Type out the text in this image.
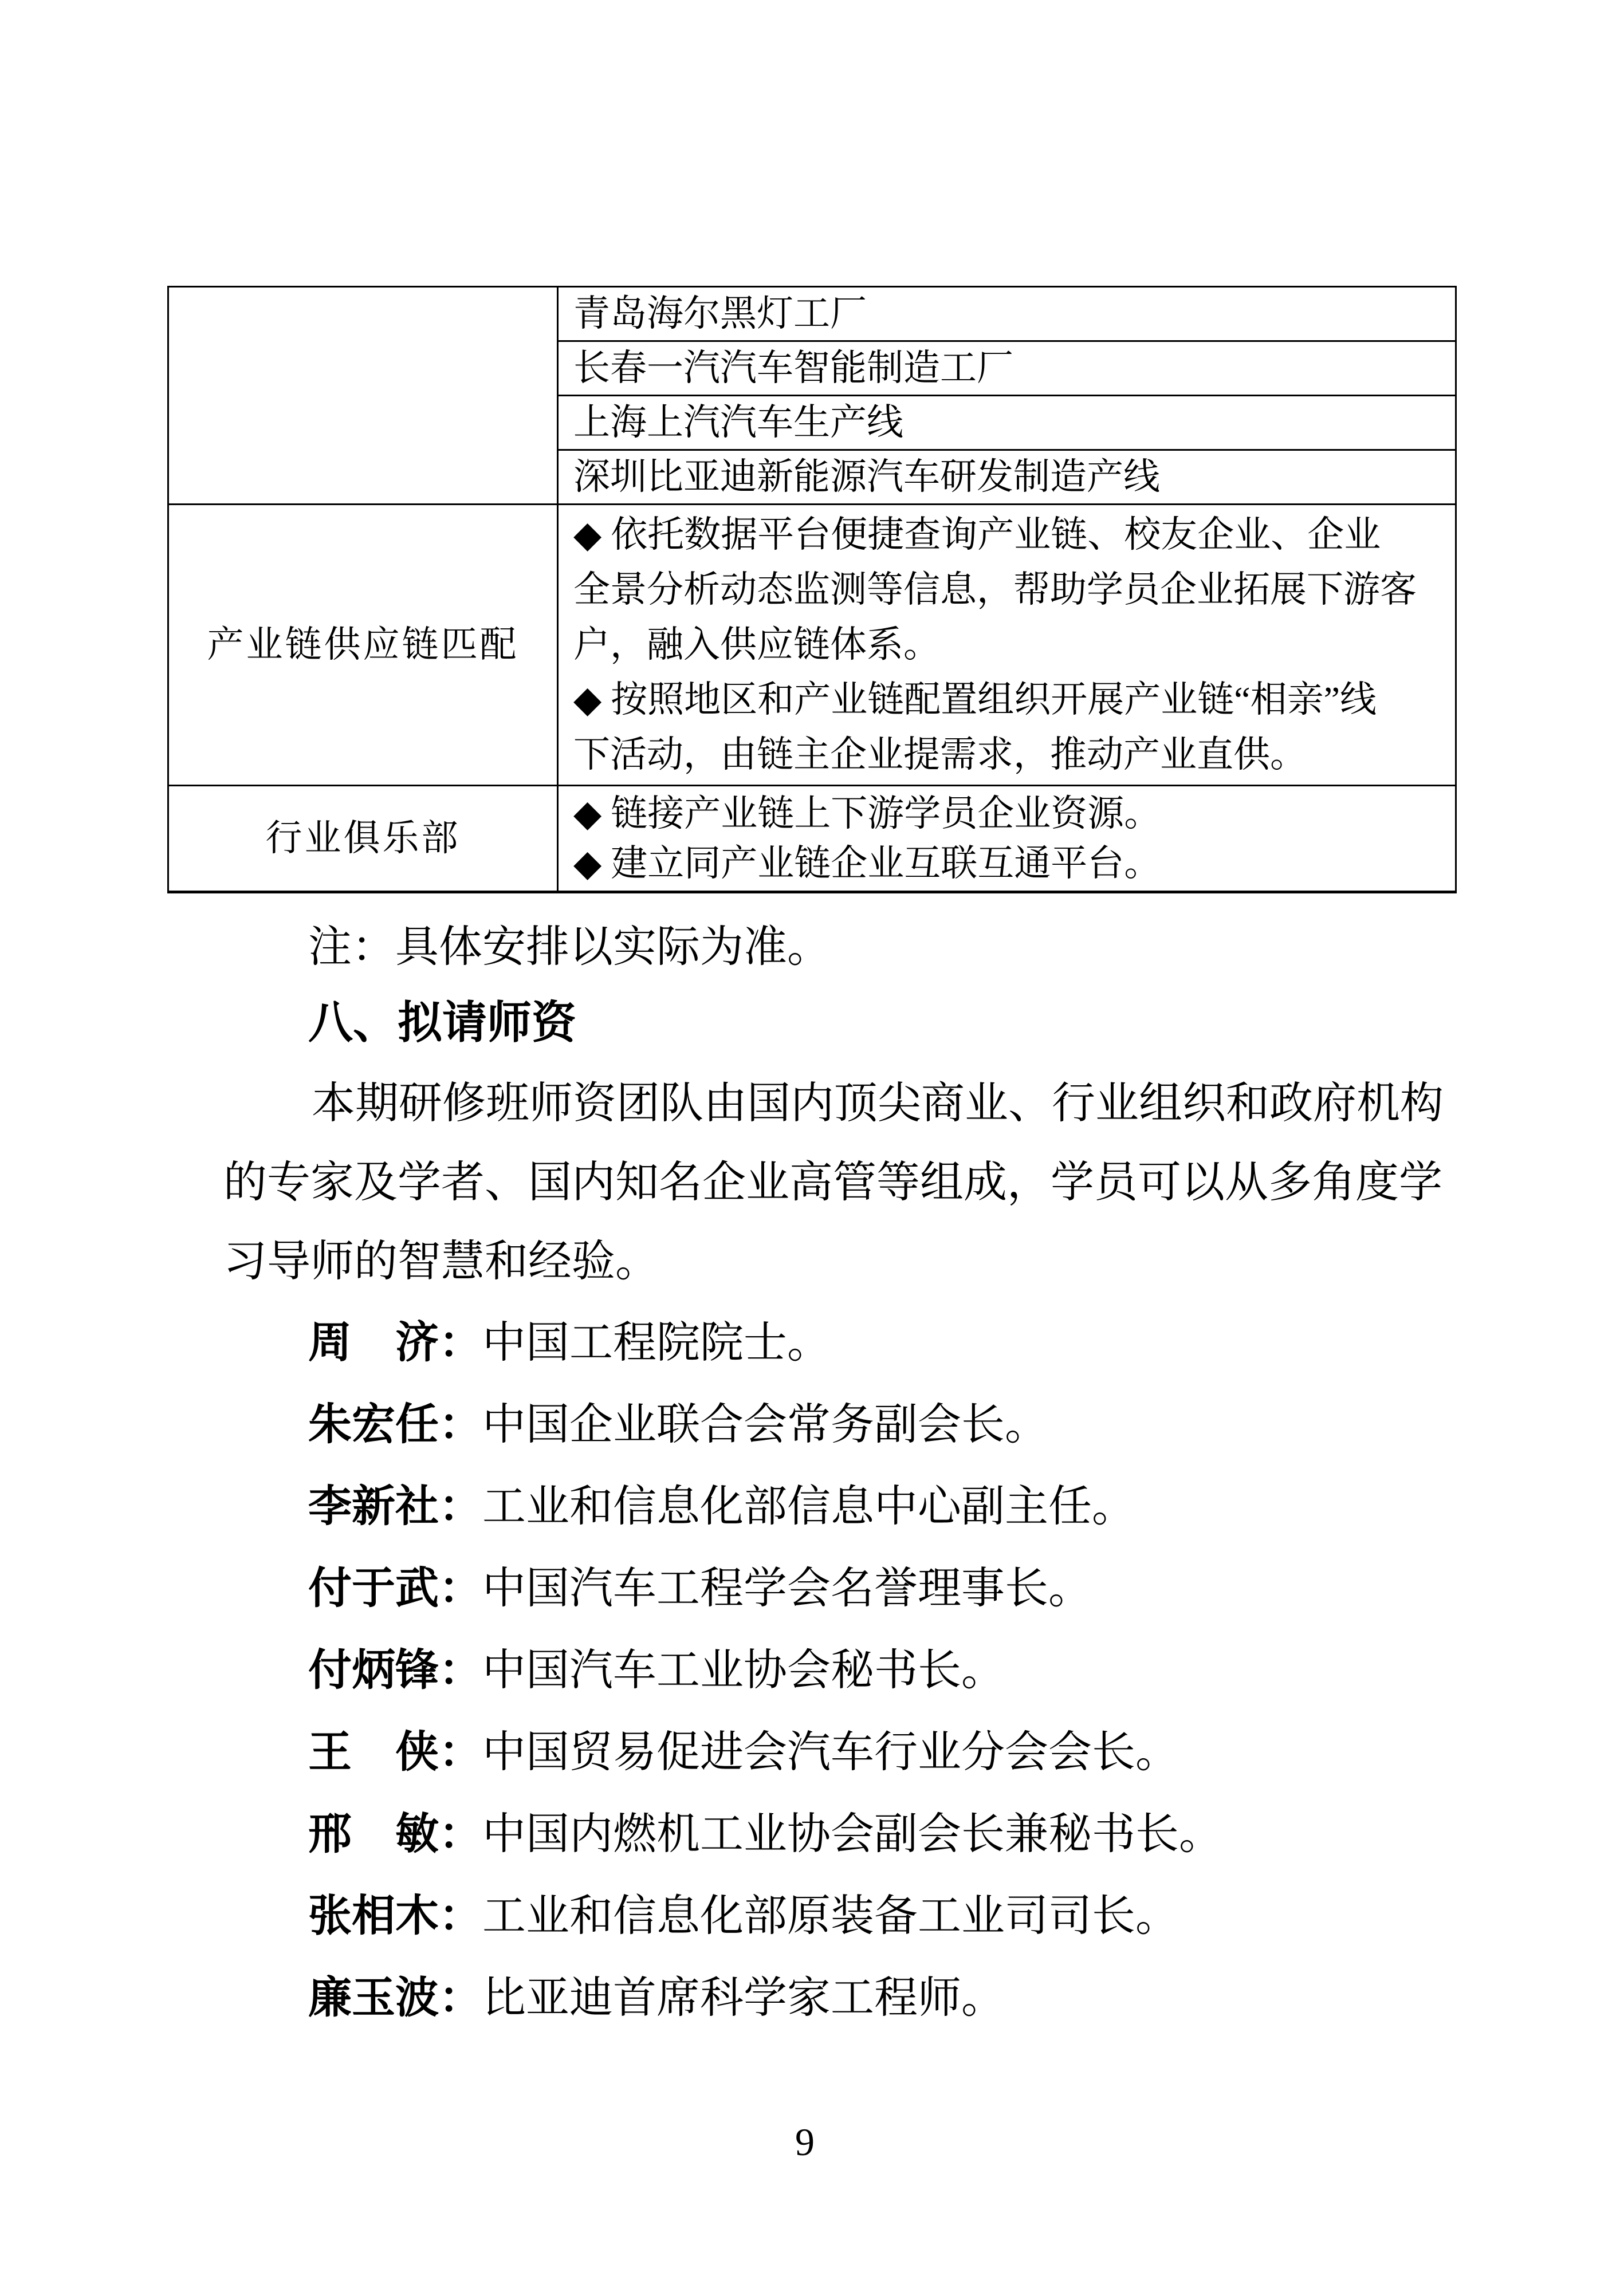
	青岛海尔黑灯工厂
	长春一汽汽车智能制造工厂
	上海上汽汽车生产线
	深圳比亚迪新能源汽车研发制造产线
产业链供应链匹配	◆ 依托数据平台便捷查询产业链、校友企业、企业
全景分析动态监测等信息，帮助学员企业拓展下游客
户，融入供应链体系。
◆ 按照地区和产业链配置组织开展产业链“相亲”线
下活动，由链主企业提需求，推动产业直供。

行业俱乐部	◆ 链接产业链上下游学员企业资源。
◆ 建立同产业链企业互联互通平台。
注：具体安排以实际为准。
八、拟请师资
本期研修班师资团队由国内顶尖商业、行业组织和政府机构
的专家及学者、国内知名企业高管等组成，学员可以从多角度学
习导师的智慧和经验。
周　济：中国工程院院士。
朱宏任：中国企业联合会常务副会长。
李新社：工业和信息化部信息中心副主任。
付于武：中国汽车工程学会名誉理事长。
付炳锋：中国汽车工业协会秘书长。
王　侠：中国贸易促进会汽车行业分会会长。
邢　敏：中国内燃机工业协会副会长兼秘书长。
张相木：工业和信息化部原装备工业司司长。
廉玉波：比亚迪首席科学家工程师。
9
